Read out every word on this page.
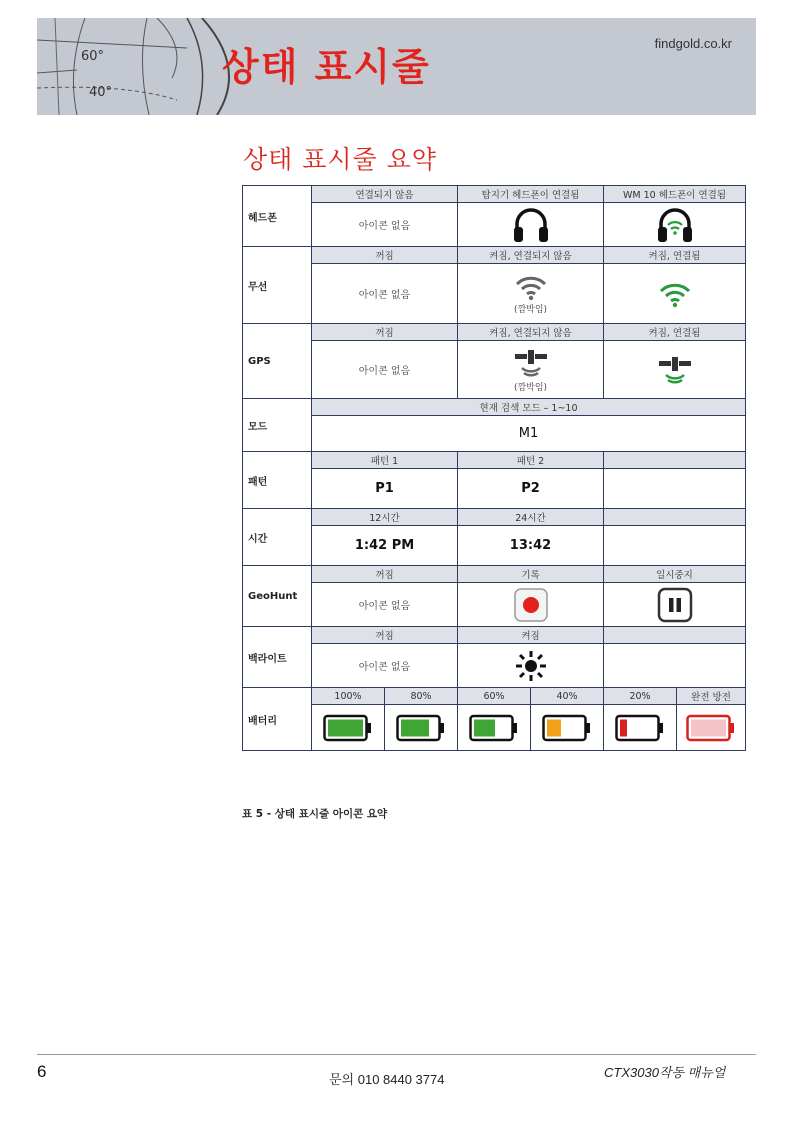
60°
40°
상태 표시줄
findgold.co.kr
상태 표시줄 요약
헤드폰	연결되지 않음		탐지기 헤드폰이 연결됨		WM 10 헤드폰이 연결됨	
	아이콘 없음		
무선	꺼짐		켜짐, 연결되지 않음		켜짐, 연결됨	
	아이콘 없음		(깜박임)

GPS	꺼짐		켜짐, 연결되지 않음		켜짐, 연결됨	
	아이콘 없음		(깜박임)

모드	현재 검색 모드 – 1~10					
	M1					
패턴	패턴 1		패턴 2			
	P1		P2			
시간	12시간		24시간			
	1:42 PM		13:42			
GeoHunt	꺼짐		기록		일시중지	
	아이콘 없음		
백라이트	꺼짐		켜짐			
	아이콘 없음		
배터리	100%	80%	60%	40%	20%	완전 방전

표 5 - 상태 표시줄 아이콘 요약
6	문의 010 8440 3774	CTX3030작동 매뉴얼
